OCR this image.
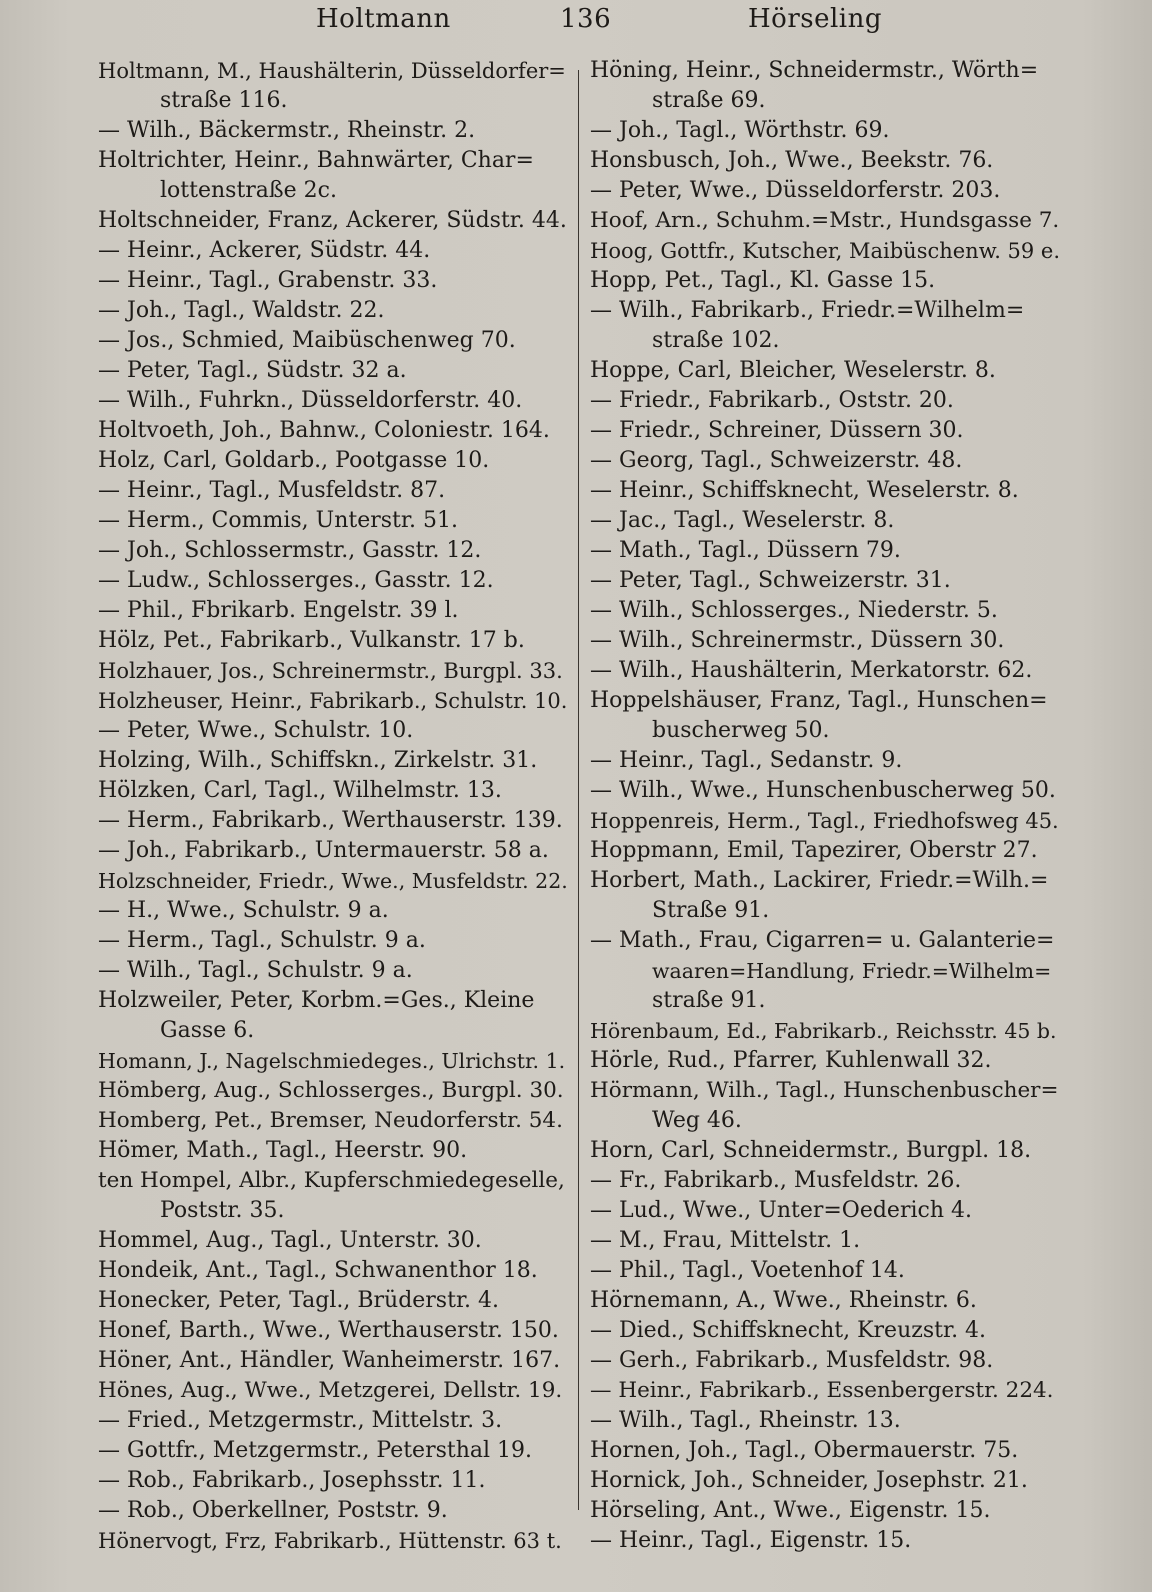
Holtmann	136	Hörseling
Holtmann, M., Haushälterin, Düsseldorfer=
straße 116.
— Wilh., Bäckermstr., Rheinstr. 2.
Holtrichter, Heinr., Bahnwärter, Char=
lottenstraße 2c.
Holtschneider, Franz, Ackerer, Südstr. 44.
— Heinr., Ackerer, Südstr. 44.
— Heinr., Tagl., Grabenstr. 33.
— Joh., Tagl., Waldstr. 22.
— Jos., Schmied, Maibüschenweg 70.
— Peter, Tagl., Südstr. 32 a.
— Wilh., Fuhrkn., Düsseldorferstr. 40.
Holtvoeth, Joh., Bahnw., Coloniestr. 164.
Holz, Carl, Goldarb., Pootgasse 10.
— Heinr., Tagl., Musfeldstr. 87.
— Herm., Commis, Unterstr. 51.
— Joh., Schlossermstr., Gasstr. 12.
— Ludw., Schlosserges., Gasstr. 12.
— Phil., Fbrikarb. Engelstr. 39 l.
Hölz, Pet., Fabrikarb., Vulkanstr. 17 b.
Holzhauer, Jos., Schreinermstr., Burgpl. 33.
Holzheuser, Heinr., Fabrikarb., Schulstr. 10.
— Peter, Wwe., Schulstr. 10.
Holzing, Wilh., Schiffskn., Zirkelstr. 31.
Hölzken, Carl, Tagl., Wilhelmstr. 13.
— Herm., Fabrikarb., Werthauserstr. 139.
— Joh., Fabrikarb., Untermauerstr. 58 a.
Holzschneider, Friedr., Wwe., Musfeldstr. 22.
— H., Wwe., Schulstr. 9 a.
— Herm., Tagl., Schulstr. 9 a.
— Wilh., Tagl., Schulstr. 9 a.
Holzweiler, Peter, Korbm.=Ges., Kleine
Gasse 6.
Homann, J., Nagelschmiedeges., Ulrichstr. 1.
Hömberg, Aug., Schlosserges., Burgpl. 30.
Homberg, Pet., Bremser, Neudorferstr. 54.
Hömer, Math., Tagl., Heerstr. 90.
ten Hompel, Albr., Kupferschmiedegeselle,
Poststr. 35.
Hommel, Aug., Tagl., Unterstr. 30.
Hondeik, Ant., Tagl., Schwanenthor 18.
Honecker, Peter, Tagl., Brüderstr. 4.
Honef, Barth., Wwe., Werthauserstr. 150.
Höner, Ant., Händler, Wanheimerstr. 167.
Hönes, Aug., Wwe., Metzgerei, Dellstr. 19.
— Fried., Metzgermstr., Mittelstr. 3.
— Gottfr., Metzgermstr., Petersthal 19.
— Rob., Fabrikarb., Josephsstr. 11.
— Rob., Oberkellner, Poststr. 9.
Hönervogt, Frz, Fabrikarb., Hüttenstr. 63 t.
Höning, Heinr., Schneidermstr., Wörth=
straße 69.
— Joh., Tagl., Wörthstr. 69.
Honsbusch, Joh., Wwe., Beekstr. 76.
— Peter, Wwe., Düsseldorferstr. 203.
Hoof, Arn., Schuhm.=Mstr., Hundsgasse 7.
Hoog, Gottfr., Kutscher, Maibüschenw. 59 e.
Hopp, Pet., Tagl., Kl. Gasse 15.
— Wilh., Fabrikarb., Friedr.=Wilhelm=
straße 102.
Hoppe, Carl, Bleicher, Weselerstr. 8.
— Friedr., Fabrikarb., Oststr. 20.
— Friedr., Schreiner, Düssern 30.
— Georg, Tagl., Schweizerstr. 48.
— Heinr., Schiffsknecht, Weselerstr. 8.
— Jac., Tagl., Weselerstr. 8.
— Math., Tagl., Düssern 79.
— Peter, Tagl., Schweizerstr. 31.
— Wilh., Schlosserges., Niederstr. 5.
— Wilh., Schreinermstr., Düssern 30.
— Wilh., Haushälterin, Merkatorstr. 62.
Hoppelshäuser, Franz, Tagl., Hunschen=
buscherweg 50.
— Heinr., Tagl., Sedanstr. 9.
— Wilh., Wwe., Hunschenbuscherweg 50.
Hoppenreis, Herm., Tagl., Friedhofsweg 45.
Hoppmann, Emil, Tapezirer, Oberstr 27.
Horbert, Math., Lackirer, Friedr.=Wilh.=
Straße 91.
— Math., Frau, Cigarren= u. Galanterie=
waaren=Handlung, Friedr.=Wilhelm=
straße 91.
Hörenbaum, Ed., Fabrikarb., Reichsstr. 45 b.
Hörle, Rud., Pfarrer, Kuhlenwall 32.
Hörmann, Wilh., Tagl., Hunschenbuscher=
Weg 46.
Horn, Carl, Schneidermstr., Burgpl. 18.
— Fr., Fabrikarb., Musfeldstr. 26.
— Lud., Wwe., Unter=Oederich 4.
— M., Frau, Mittelstr. 1.
— Phil., Tagl., Voetenhof 14.
Hörnemann, A., Wwe., Rheinstr. 6.
— Died., Schiffsknecht, Kreuzstr. 4.
— Gerh., Fabrikarb., Musfeldstr. 98.
— Heinr., Fabrikarb., Essenbergerstr. 224.
— Wilh., Tagl., Rheinstr. 13.
Hornen, Joh., Tagl., Obermauerstr. 75.
Hornick, Joh., Schneider, Josephstr. 21.
Hörseling, Ant., Wwe., Eigenstr. 15.
— Heinr., Tagl., Eigenstr. 15.
